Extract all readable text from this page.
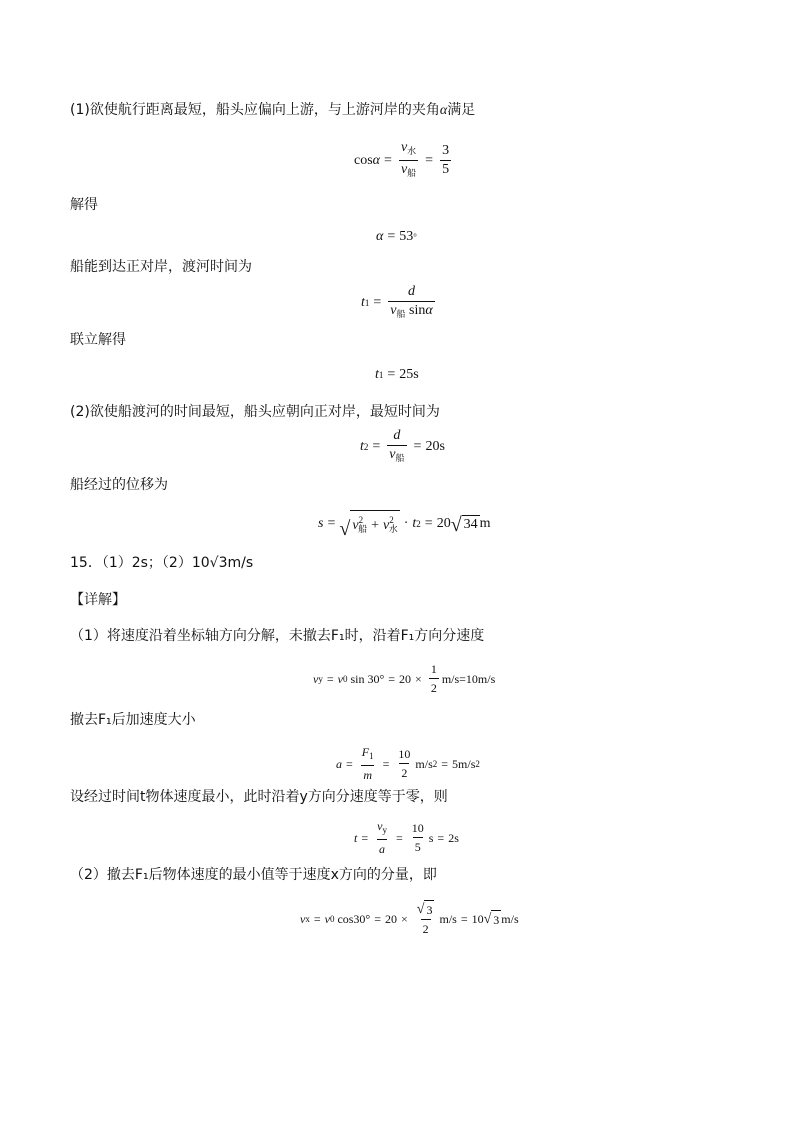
(1)欲使航行距离最短，船头应偏向上游，与上游河岸的夹角α满足
$\cos \alpha = \frac{v_水}{v_船} = \frac{3}{5}$
解得
α = 53 °
船能到达正对岸，渡河时间为
t $1 = \frac{d}{v_船 \sin\alpha}$
联立解得
t 1 = 25s
(2)欲使船渡河的时间最短，船头应朝向正对岸，最短时间为
t $2 = \frac{d}{v_船} = 20s$
船经过的位移为
s = √ $v^2_船 + v^2_水 \cdot t$ 2 = 20 √ 34 m
15．（1）2s；（2）10√3m/s
【详解】
（1）将速度沿着坐标轴方向分解，未撤去F₁时，沿着F₁方向分速度
v y = v 0 $\sin 30^\circ = 20 \times \frac{1}{2} m/s=10m/s$
撤去F₁后加速度大小
$a = \frac{F_1}{m} = \frac{10}{2} m/s$ 2 = 5m/s 2
设经过时间t物体速度最小，此时沿着y方向分速度等于零，则
$t = \frac{v_y}{a} = \frac{10}{5}$ s = 2s
（2）撤去F₁后物体速度的最小值等于速度x方向的分量，即
v x = v 0 $\cos 30^\circ = 20 \times \frac{√ 3}{2} m/s = 10$ √ 3 m/s
